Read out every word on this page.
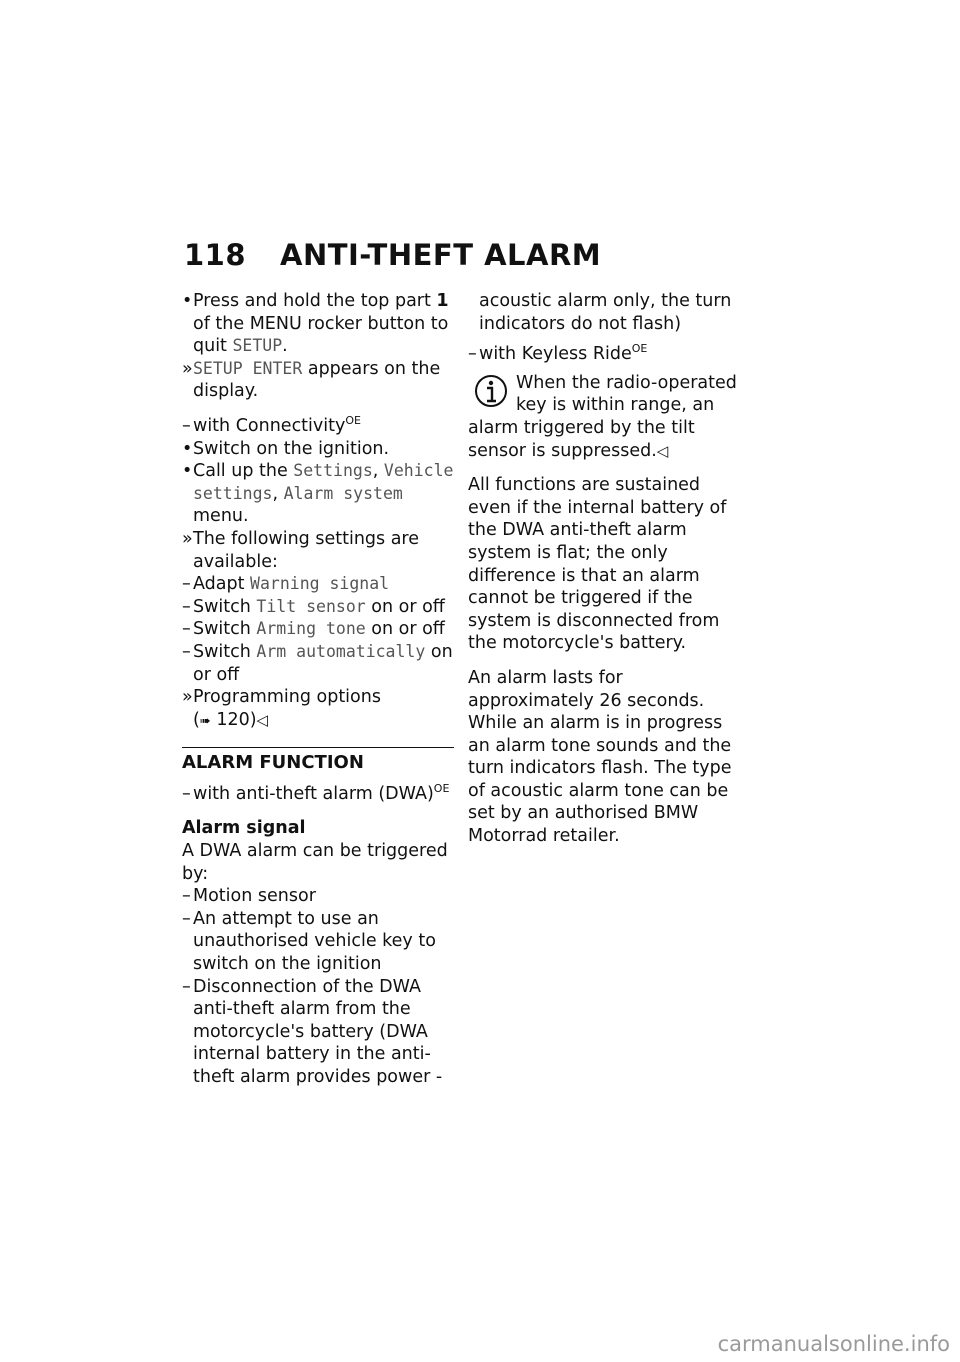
118 ANTI-THEFT ALARM
• Press and hold the top part 1 of the MENU rocker button to quit SETUP.
» SETUP ENTER appears on the display.
– with Connectivity$^{OE}$
• Switch on the ignition.
• Call up the Settings, Vehicle settings, Alarm system menu.
» The following settings are available:
– Adapt Warning signal
– Switch Tilt sensor on or off
– Switch Arming tone on or off
– Switch Arm automatically on or off
» Programming options
(➠ 120)◁
ALARM FUNCTION
– with anti-theft alarm (DWA)$^{OE}$
Alarm signal

A DWA alarm can be triggered by:

– Motion sensor
– An attempt to use an unauthorised vehicle key to switch on the ignition
– Disconnection of the DWA anti-theft alarm from the motorcycle's battery (DWA internal battery in the anti-theft alarm provides power -

acoustic alarm only, the turn indicators do not flash)

– with Keyless Ride$^{OE}$
When the radio-operated key is within range, an alarm triggered by the tilt sensor is suppressed.◁

All functions are sustained even if the internal battery of the DWA anti-theft alarm system is flat; the only difference is that an alarm cannot be triggered if the system is disconnected from the motorcycle's battery.

An alarm lasts for approximately 26 seconds. While an alarm is in progress an alarm tone sounds and the turn indicators flash. The type of acoustic alarm tone can be set by an authorised BMW Motorrad retailer.

carmanualsonline.info
